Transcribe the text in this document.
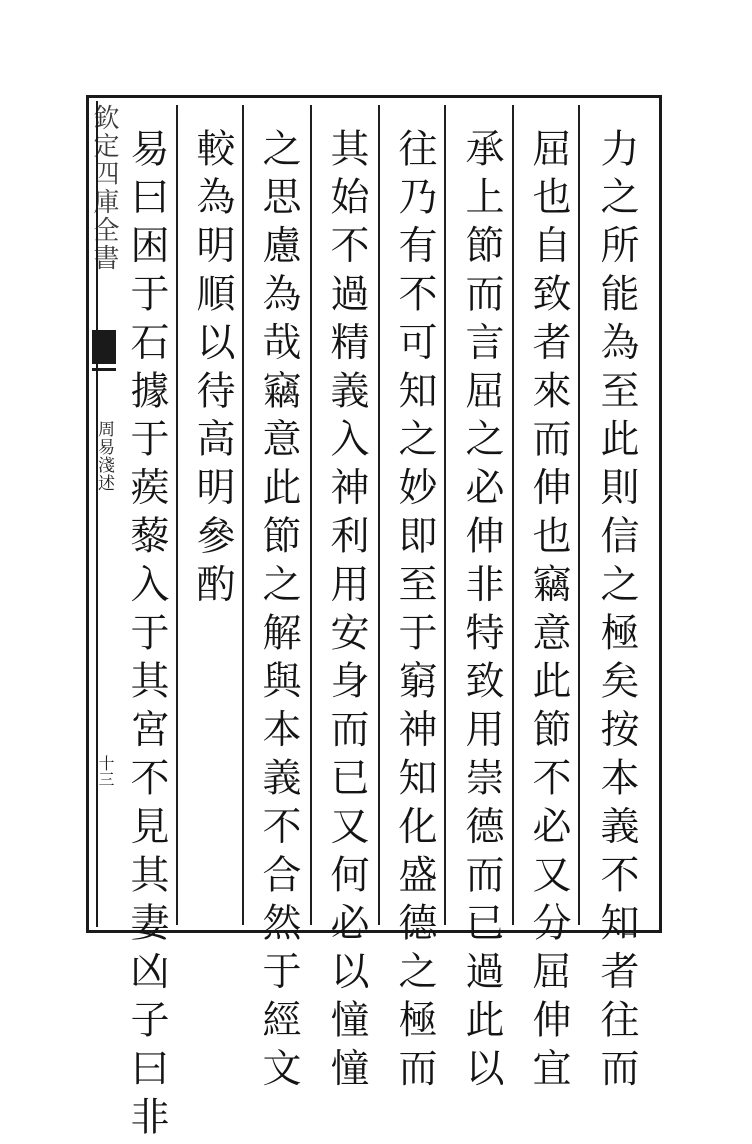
欽定四庫全書
周易淺述
十三	力之所能為至此則信之極矣按本義不知者往而
屈也自致者來而伸也竊意此節不必又分屈伸宜
承上節而言屈之必伸非特致用崇德而已過此以
往乃有不可知之妙即至于窮神知化盛德之極而
其始不過精義入神利用安身而已又何必以憧憧
之思慮為哉竊意此節之解與本義不合然于經文
較為明順以待高明參酌
易曰困于石據于蒺藜入于其宮不見其妻凶子曰非
